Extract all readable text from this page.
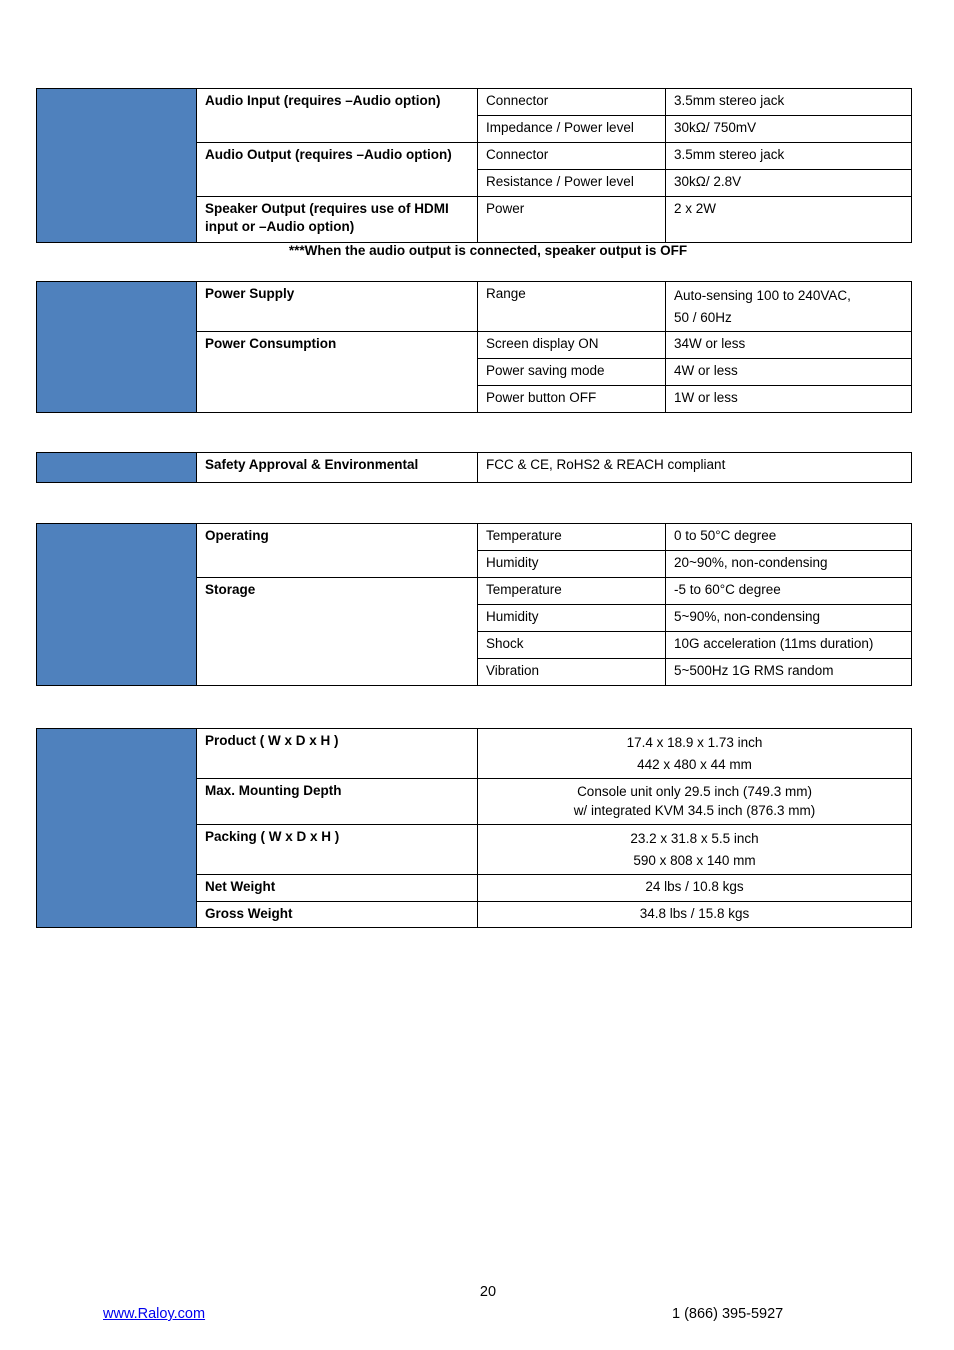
	Audio Input (requires –Audio option)	Connector	3.5mm stereo jack
		Impedance / Power level	30kΩ/ 750mV
	Audio Output (requires –Audio option)	Connector	3.5mm stereo jack
		Resistance / Power level	30kΩ/ 2.8V
	Speaker Output (requires use of HDMI input or –Audio option)	Power	2 x 2W
***When the audio output is connected, speaker output is OFF
	Power Supply	Range	Auto-sensing 100 to 240VAC,
50 / 60Hz

	Power Consumption	Screen display ON	34W or less
		Power saving mode	4W or less
		Power button OFF	1W or less
	Safety Approval & Environmental	FCC & CE, RoHS2 & REACH compliant
	Operating	Temperature	0 to 50°C degree
		Humidity	20~90%, non-condensing
	Storage	Temperature	-5 to 60°C degree
		Humidity	5~90%, non-condensing
		Shock	10G acceleration (11ms duration)
		Vibration	5~500Hz 1G RMS random
	Product ( W x D x H )	17.4 x 18.9 x 1.73 inch
442 x 480 x 44 mm

	Max. Mounting Depth	Console unit only 29.5 inch (749.3 mm)
w/ integrated KVM 34.5 inch (876.3 mm)

	Packing ( W x D x H )	23.2 x 31.8 x 5.5 inch
590 x 808 x 140 mm

	Net Weight	24 lbs / 10.8 kgs
	Gross Weight	34.8 lbs / 15.8 kgs
20
www.Raloy.com	1 (866) 395-5927
